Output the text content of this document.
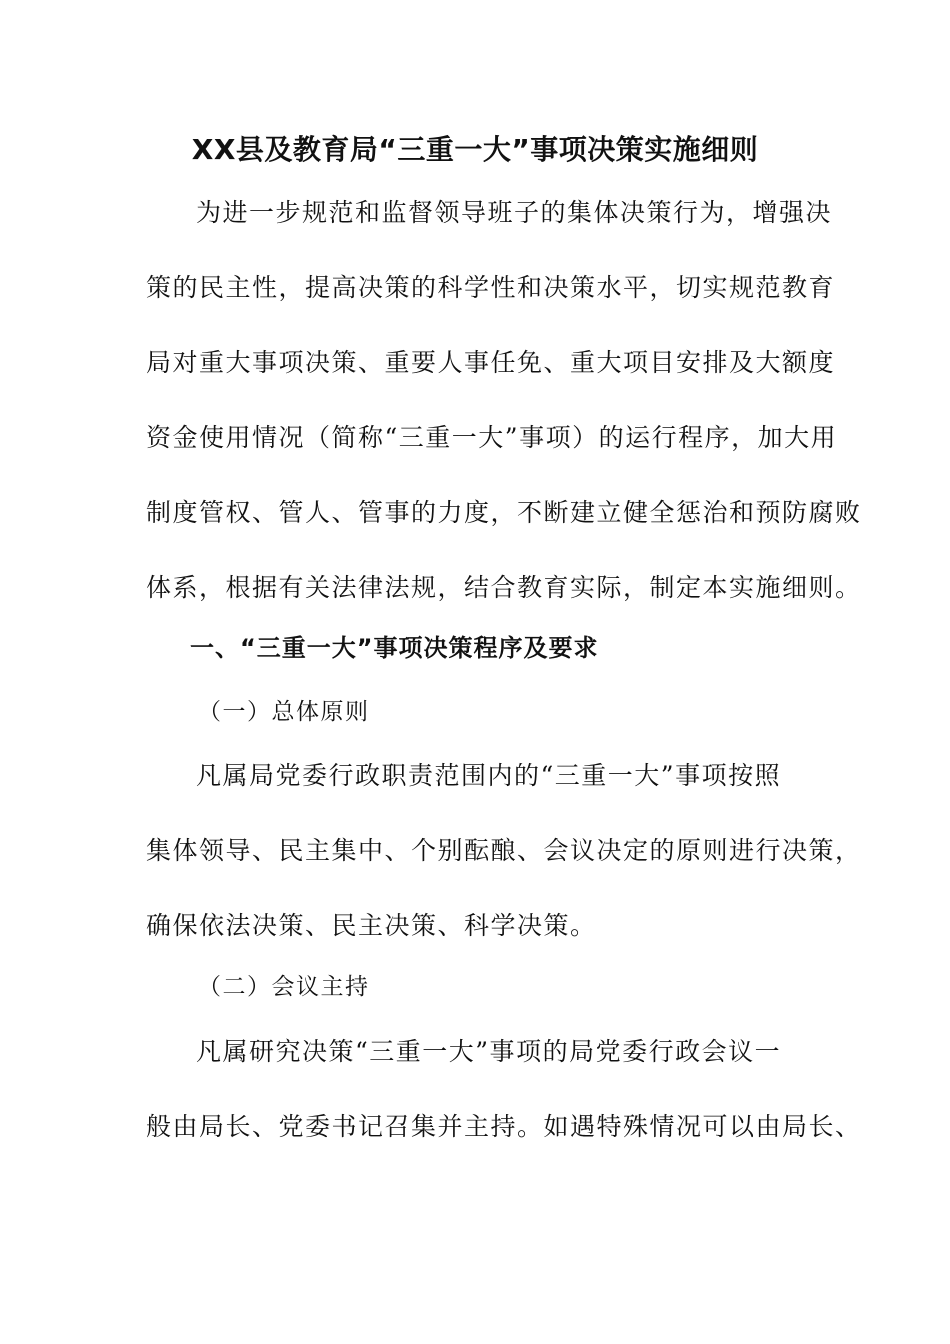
XX县及教育局“三重一大”事项决策实施细则
为进一步规范和监督领导班子的集体决策行为，增强决
策的民主性，提高决策的科学性和决策水平，切实规范教育
局对重大事项决策、重要人事任免、重大项目安排及大额度
资金使用情况（简称“三重一大”事项）的运行程序，加大用
制度管权、管人、管事的力度，不断建立健全惩治和预防腐败
体系，根据有关法律法规，结合教育实际，制定本实施细则。
一、“三重一大”事项决策程序及要求
（一）总体原则
凡属局党委行政职责范围内的“三重一大”事项按照
集体领导、民主集中、个别酝酿、会议决定的原则进行决策，
确保依法决策、民主决策、科学决策。
（二）会议主持
凡属研究决策“三重一大”事项的局党委行政会议一
般由局长、党委书记召集并主持。如遇特殊情况可以由局长、
